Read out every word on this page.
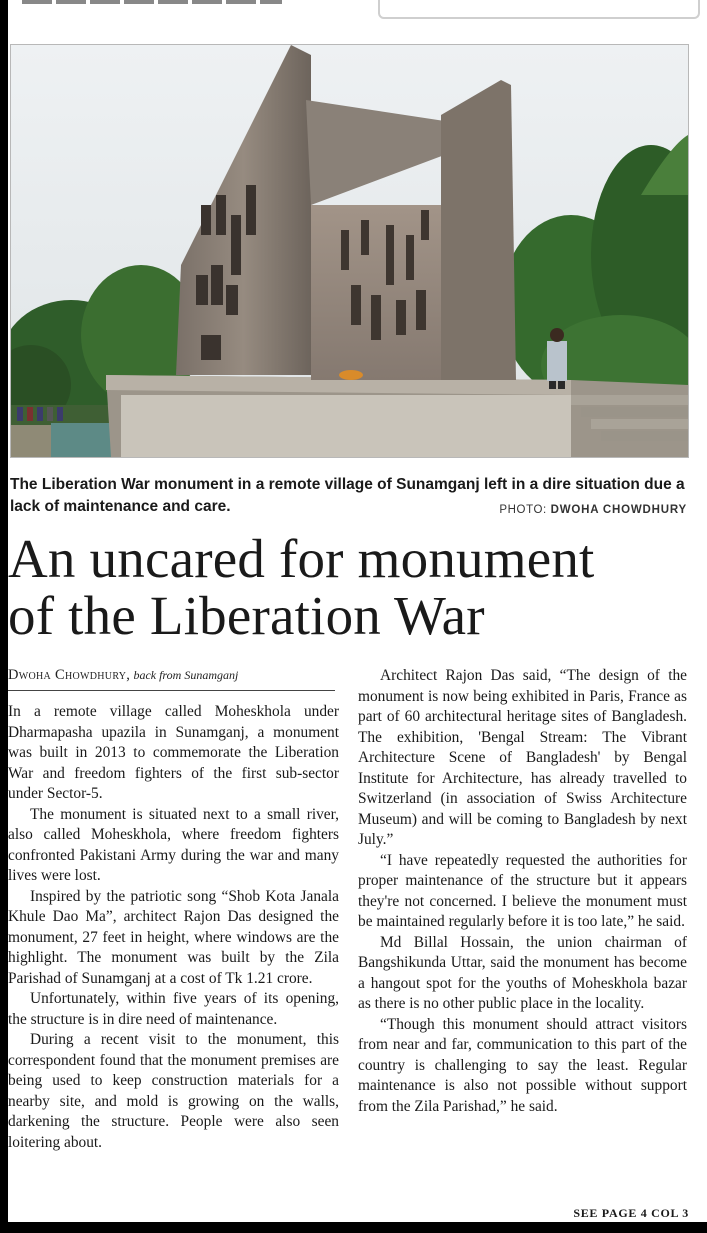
The Liberation War monument in a remote village of Sunamganj left in a dire situation due a lack of maintenance and care.	PHOTO: DWOHA CHOWDHURY
An uncared for monument
of the Liberation War
Dwoha Chowdhury, back from Sunamganj

In a remote village called Moheskhola under Dharmapasha upazila in Sunamganj, a monument was built in 2013 to commemorate the Liberation War and freedom fighters of the first sub-sector under Sector-5.

The monument is situated next to a small river, also called Moheskhola, where freedom fighters confronted Pakistani Army during the war and many lives were lost.

Inspired by the patriotic song “Shob Kota Janala Khule Dao Ma”, architect Rajon Das designed the monument, 27 feet in height, where windows are the highlight. The monument was built by the Zila Parishad of Sunamganj at a cost of Tk 1.21 crore.

Unfortunately, within five years of its opening, the structure is in dire need of maintenance.

During a recent visit to the monument, this correspondent found that the monument premises are being used to keep construction materials for a nearby site, and mold is growing on the walls, darkening the structure. People were also seen loitering about.

Architect Rajon Das said, “The design of the monument is now being exhibited in Paris, France as part of 60 architectural heritage sites of Bangladesh. The exhibition, 'Bengal Stream: The Vibrant Architecture Scene of Bangladesh' by Bengal Institute for Architecture, has already travelled to Switzerland (in association of Swiss Architecture Museum) and will be coming to Bangladesh by next July.”

“I have repeatedly requested the authorities for proper maintenance of the structure but it appears they're not concerned. I believe the monument must be maintained regularly before it is too late,” he said.

Md Billal Hossain, the union chairman of Bangshikunda Uttar, said the monument has become a hangout spot for the youths of Moheskhola bazar as there is no other public place in the locality.

“Though this monument should attract visitors from near and far, communication to this part of the country is challenging to say the least. Regular maintenance is also not possible without support from the Zila Parishad,” he said.

SEE PAGE 4 COL 3
